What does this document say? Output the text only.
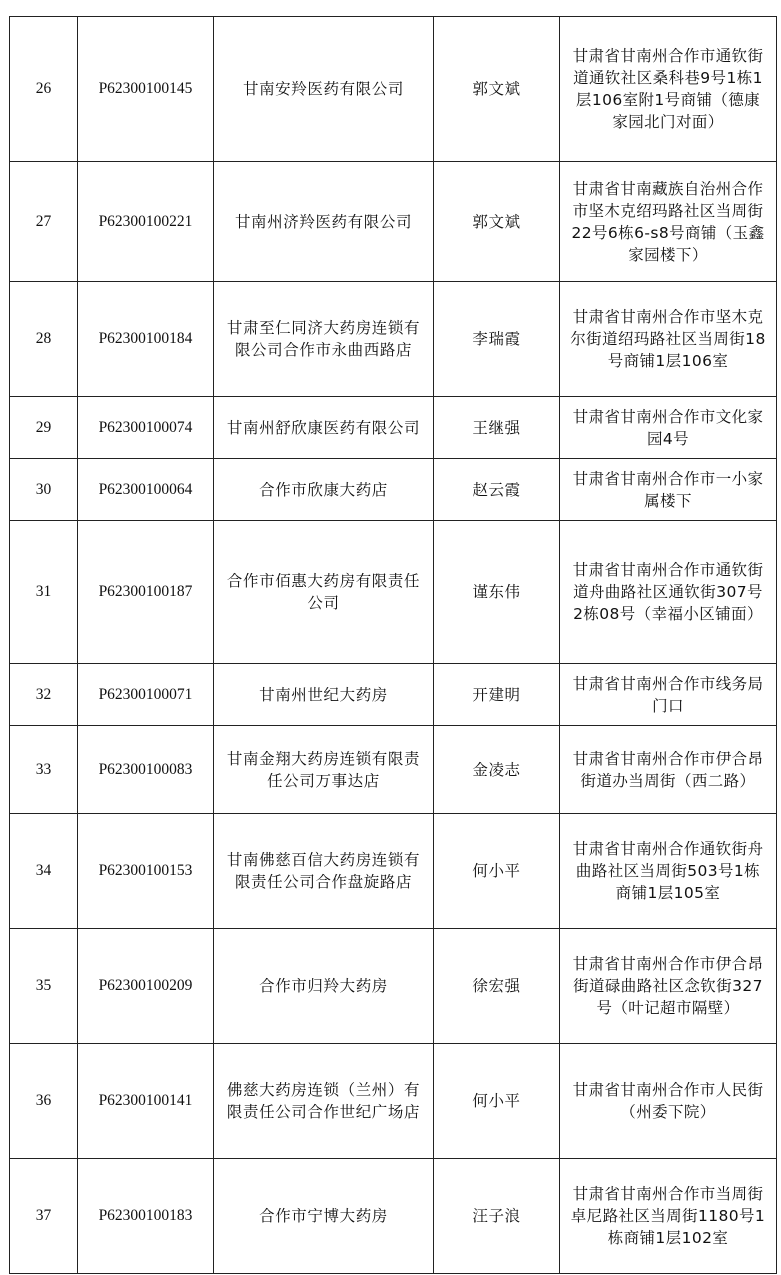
26	P62300100145	甘南安羚医药有限公司	郭文斌	甘肃省甘南州合作市通钦街道通钦社区桑科巷9号1栋1层106室附1号商铺（德康家园北门对面）
27	P62300100221	甘南州济羚医药有限公司	郭文斌	甘肃省甘南藏族自治州合作市坚木克绍玛路社区当周街22号6栋6-s8号商铺（玉鑫家园楼下）
28	P62300100184	甘肃至仁同济大药房连锁有限公司合作市永曲西路店	李瑞霞	甘肃省甘南州合作市坚木克尔街道绍玛路社区当周街18号商铺1层106室
29	P62300100074	甘南州舒欣康医药有限公司	王继强	甘肃省甘南州合作市文化家园4号
30	P62300100064	合作市欣康大药店	赵云霞	甘肃省甘南州合作市一小家属楼下
31	P62300100187	合作市佰惠大药房有限责任公司	谨东伟	甘肃省甘南州合作市通钦街道舟曲路社区通钦街307号2栋08号（幸福小区铺面）
32	P62300100071	甘南州世纪大药房	开建明	甘肃省甘南州合作市线务局门口
33	P62300100083	甘南金翔大药房连锁有限责任公司万事达店	金凌志	甘肃省甘南州合作市伊合昂街道办当周街（西二路）
34	P62300100153	甘南佛慈百信大药房连锁有限责任公司合作盘旋路店	何小平	甘肃省甘南州合作通钦街舟曲路社区当周街503号1栋商铺1层105室
35	P62300100209	合作市归羚大药房	徐宏强	甘肃省甘南州合作市伊合昂街道碌曲路社区念钦街327号（叶记超市隔壁）
36	P62300100141	佛慈大药房连锁（兰州）有限责任公司合作世纪广场店	何小平	甘肃省甘南州合作市人民街（州委下院）
37	P62300100183	合作市宁博大药房	汪子浪	甘肃省甘南州合作市当周街卓尼路社区当周街1180号1栋商铺1层102室
